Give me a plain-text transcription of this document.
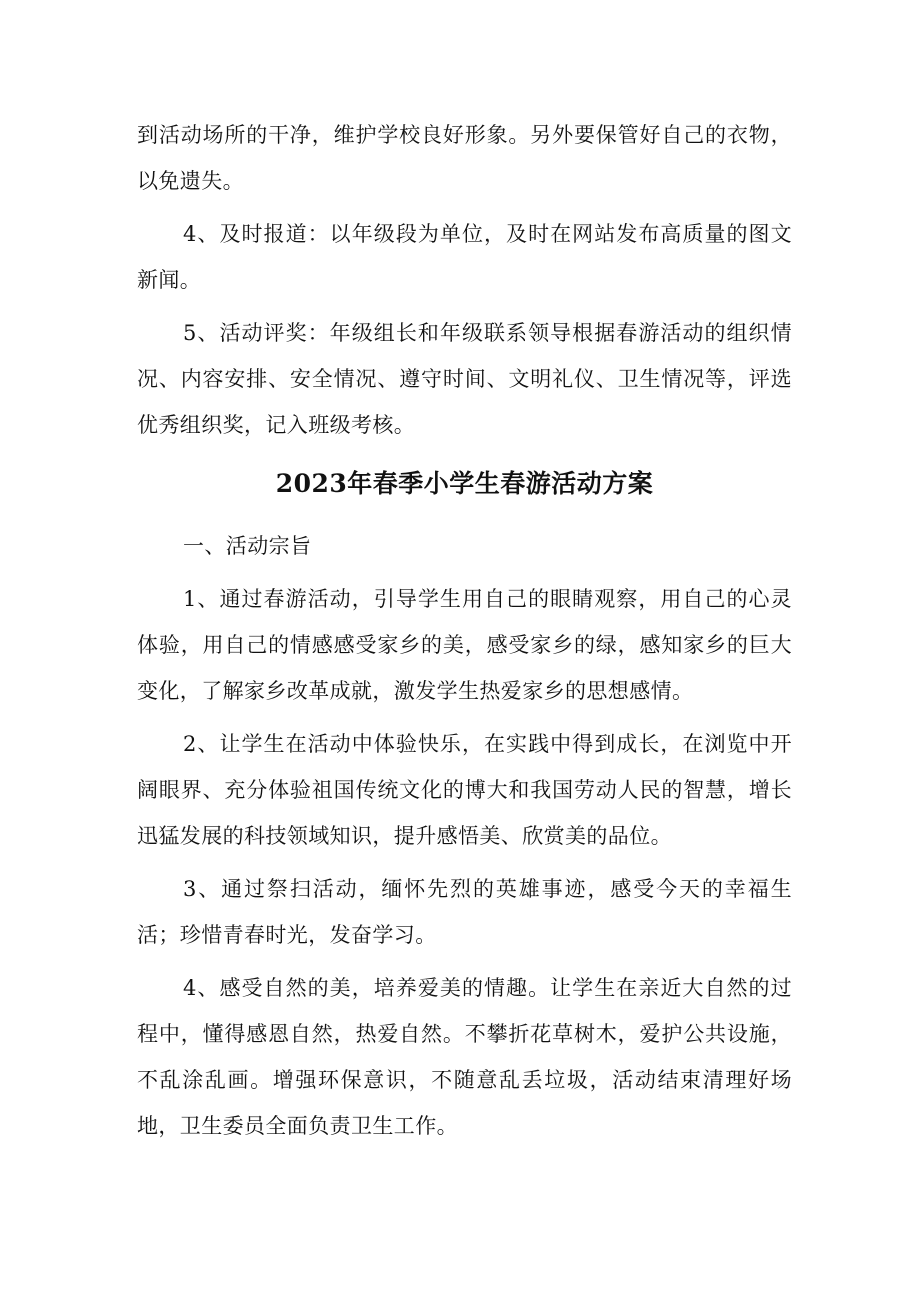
到活动场所的干净，维护学校良好形象。另外要保管好自己的衣物，以免遗失。

4、及时报道：以年级段为单位，及时在网站发布高质量的图文新闻。

5、活动评奖：年级组长和年级联系领导根据春游活动的组织情况、内容安排、安全情况、遵守时间、文明礼仪、卫生情况等，评选优秀组织奖，记入班级考核。

2023年春季小学生春游活动方案

一、活动宗旨

1、通过春游活动，引导学生用自己的眼睛观察，用自己的心灵体验，用自己的情感感受家乡的美，感受家乡的绿，感知家乡的巨大变化，了解家乡改革成就，激发学生热爱家乡的思想感情。

2、让学生在活动中体验快乐，在实践中得到成长，在浏览中开阔眼界、充分体验祖国传统文化的博大和我国劳动人民的智慧，增长迅猛发展的科技领域知识，提升感悟美、欣赏美的品位。

3、通过祭扫活动，缅怀先烈的英雄事迹，感受今天的幸福生活；珍惜青春时光，发奋学习。

4、感受自然的美，培养爱美的情趣。让学生在亲近大自然的过程中，懂得感恩自然，热爱自然。不攀折花草树木，爱护公共设施，不乱涂乱画。增强环保意识，不随意乱丢垃圾，活动结束清理好场地，卫生委员全面负责卫生工作。
